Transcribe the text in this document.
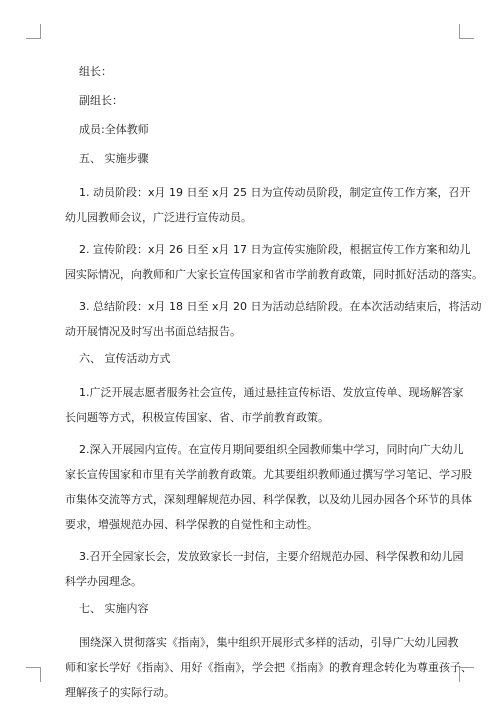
组长：
副组长：
成员:全体教师
五、 实施步骤
1. 动员阶段：x月 19 日至 x月 25 日为宣传动员阶段，制定宣传工作方案，召开
幼儿园教师会议，广泛进行宣传动员。
2. 宣传阶段：x月 26 日至 x月 17 日为宣传实施阶段，根据宣传工作方案和幼儿
园实际情况，向教师和广大家长宣传国家和省市学前教育政策，同时抓好活动的落实。
3. 总结阶段：x月 18 日至 x月 20 日为活动总结阶段。在本次活动结束后，将活动
动开展情况及时写出书面总结报告。
六、 宣传活动方式
1.广泛开展志愿者服务社会宣传，通过悬挂宣传标语、发放宣传单、现场解答家
长问题等方式，积极宣传国家、省、市学前教育政策。
2.深入开展园内宣传。在宣传月期间要组织全园教师集中学习，同时向广大幼儿
家长宣传国家和市里有关学前教育政策。尤其要组织教师通过撰写学习笔记、学习股
市集体交流等方式，深刻理解规范办园、科学保教，以及幼儿园办园各个环节的具体
要求，增强规范办园、科学保教的自觉性和主动性。
3.召开全园家长会，发放致家长一封信，主要介绍规范办园、科学保教和幼儿园
科学办园理念。
七、 实施内容
围绕深入贯彻落实《指南》，集中组织开展形式多样的活动，引导广大幼儿园教
师和家长学好《指南》、用好《指南》，学会把《指南》的教育理念转化为尊重孩子、
理解孩子的实际行动。
